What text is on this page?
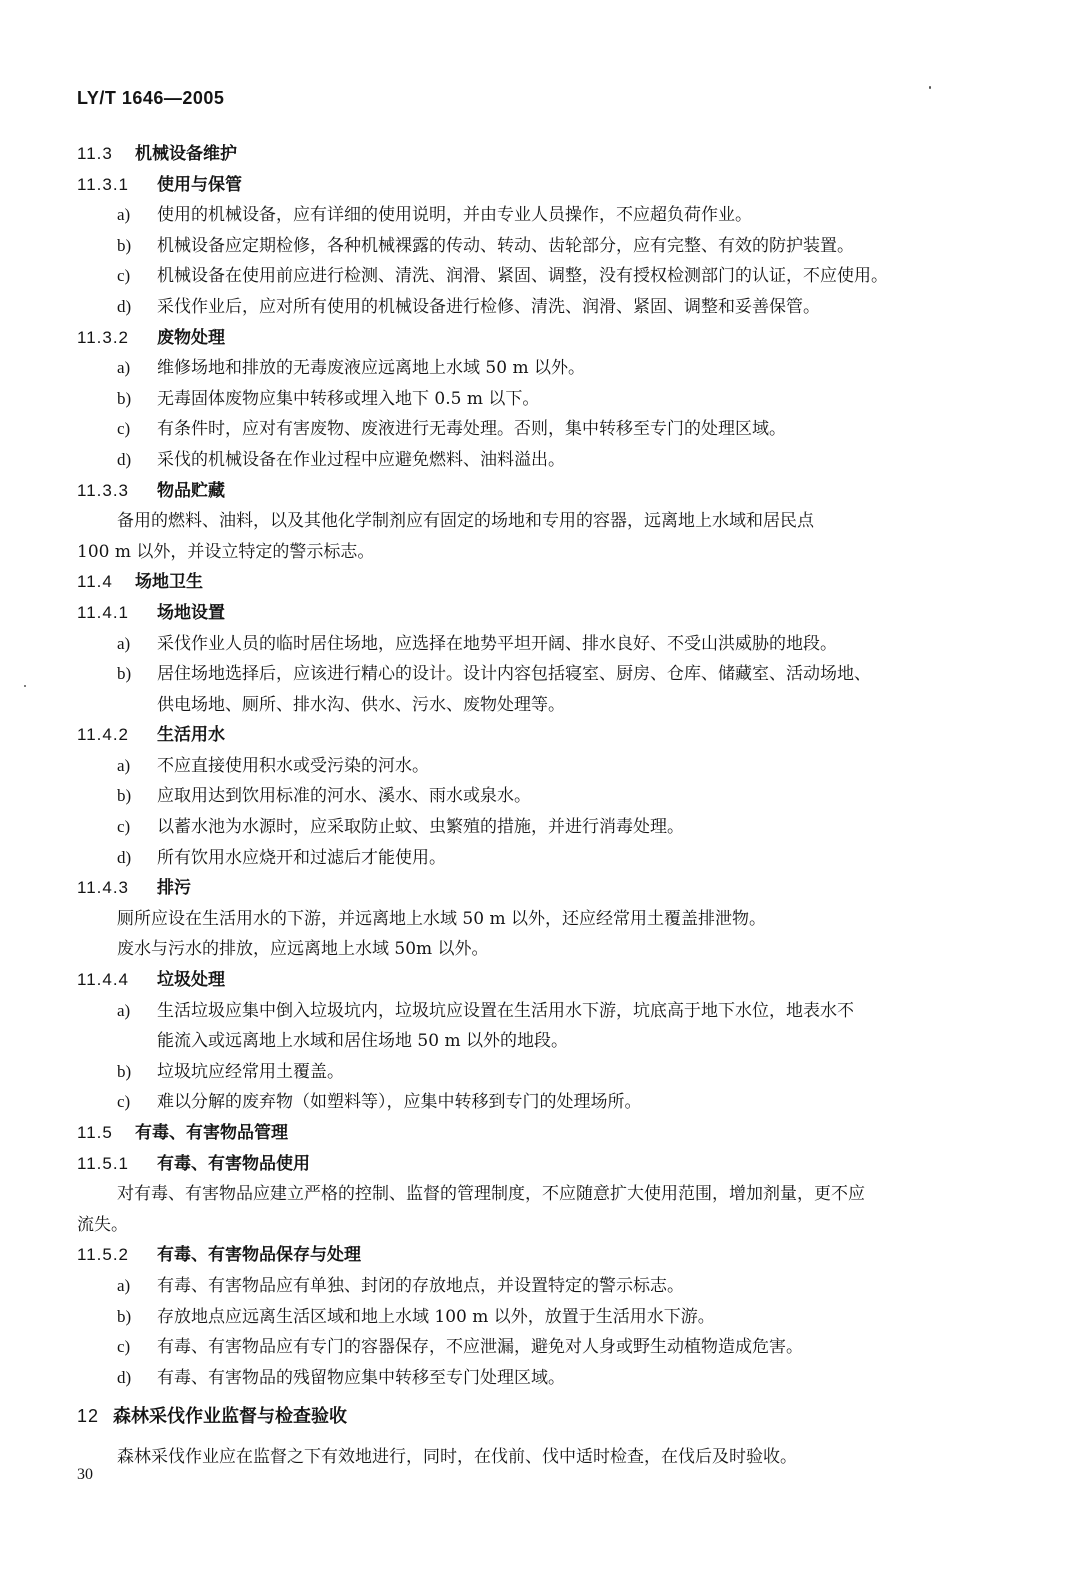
LY/T 1646—2005
11.3 机械设备维护
11.3.1 使用与保管
a) 使用的机械设备，应有详细的使用说明，并由专业人员操作，不应超负荷作业。
b) 机械设备应定期检修，各种机械裸露的传动、转动、齿轮部分，应有完整、有效的防护装置。
c) 机械设备在使用前应进行检测、清洗、润滑、紧固、调整，没有授权检测部门的认证，不应使用。
d) 采伐作业后，应对所有使用的机械设备进行检修、清洗、润滑、紧固、调整和妥善保管。
11.3.2 废物处理
a) 维修场地和排放的无毒废液应远离地上水域 50 m 以外。
b) 无毒固体废物应集中转移或埋入地下 0.5 m 以下。
c) 有条件时，应对有害废物、废液进行无毒处理。否则，集中转移至专门的处理区域。
d) 采伐的机械设备在作业过程中应避免燃料、油料溢出。
11.3.3 物品贮藏
备用的燃料、油料，以及其他化学制剂应有固定的场地和专用的容器，远离地上水域和居民点
100 m 以外，并设立特定的警示标志。
11.4 场地卫生
11.4.1 场地设置
a) 采伐作业人员的临时居住场地，应选择在地势平坦开阔、排水良好、不受山洪威胁的地段。
b) 居住场地选择后，应该进行精心的设计。设计内容包括寝室、厨房、仓库、储藏室、活动场地、
供电场地、厕所、排水沟、供水、污水、废物处理等。
11.4.2 生活用水
a) 不应直接使用积水或受污染的河水。
b) 应取用达到饮用标准的河水、溪水、雨水或泉水。
c) 以蓄水池为水源时，应采取防止蚊、虫繁殖的措施，并进行消毒处理。
d) 所有饮用水应烧开和过滤后才能使用。
11.4.3 排污
厕所应设在生活用水的下游，并远离地上水域 50 m 以外，还应经常用土覆盖排泄物。
废水与污水的排放，应远离地上水域 50m 以外。
11.4.4 垃圾处理
a) 生活垃圾应集中倒入垃圾坑内，垃圾坑应设置在生活用水下游，坑底高于地下水位，地表水不
能流入或远离地上水域和居住场地 50 m 以外的地段。
b) 垃圾坑应经常用土覆盖。
c) 难以分解的废弃物（如塑料等），应集中转移到专门的处理场所。
11.5 有毒、有害物品管理
11.5.1 有毒、有害物品使用
对有毒、有害物品应建立严格的控制、监督的管理制度，不应随意扩大使用范围，增加剂量，更不应
流失。
11.5.2 有毒、有害物品保存与处理
a) 有毒、有害物品应有单独、封闭的存放地点，并设置特定的警示标志。
b) 存放地点应远离生活区域和地上水域 100 m 以外，放置于生活用水下游。
c) 有毒、有害物品应有专门的容器保存，不应泄漏，避免对人身或野生动植物造成危害。
d) 有毒、有害物品的残留物应集中转移至专门处理区域。
12 森林采伐作业监督与检查验收
森林采伐作业应在监督之下有效地进行，同时，在伐前、伐中适时检查，在伐后及时验收。
30
